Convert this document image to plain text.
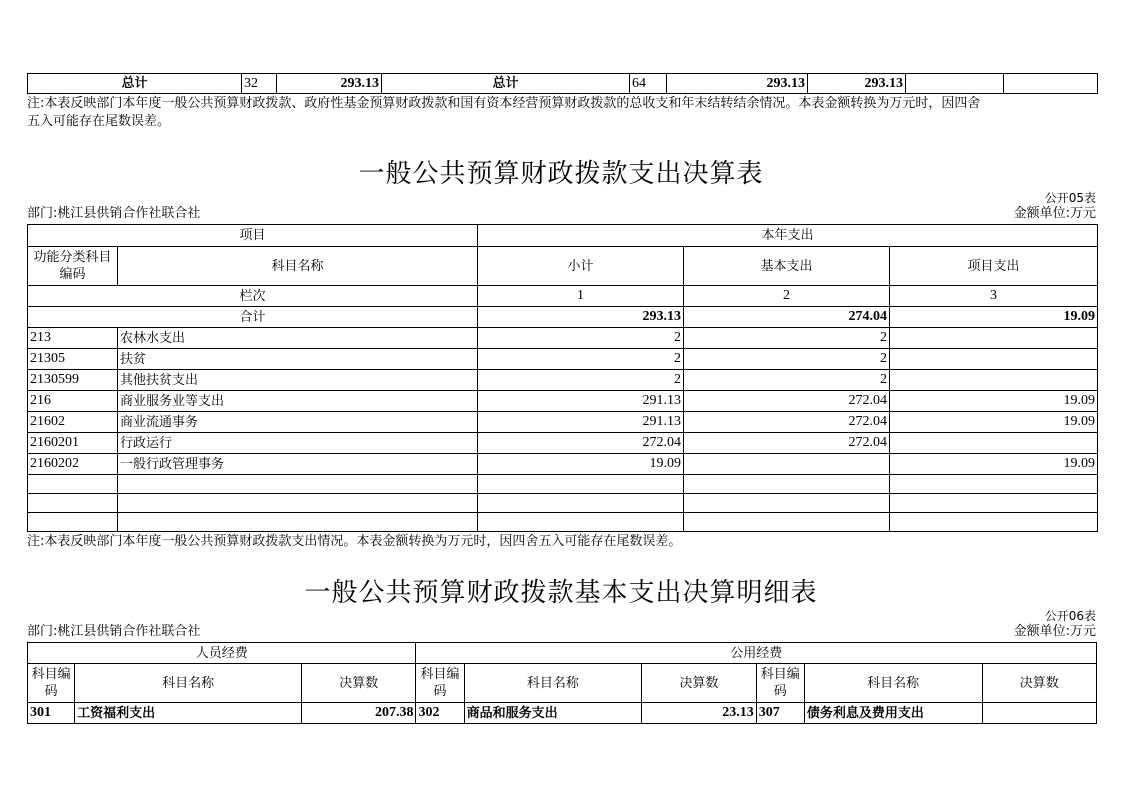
总计	32	293.13	总计	64	293.13	293.13		
注:本表反映部门本年度一般公共预算财政拨款、政府性基金预算财政拨款和国有资本经营预算财政拨款的总收支和年末结转结余情况。本表金额转换为万元时，因四舍
五入可能存在尾数误差。
一般公共预算财政拨款支出决算表
公开05表
部门:桃江县供销合作社联合社	金额单位:万元
项目		本年支出		
功能分类科目编码	科目名称	小计	基本支出	项目支出
栏次		1	2	3
合计		293.13	274.04	19.09
213	农林水支出	2	2	
21305	扶贫	2	2	
2130599	其他扶贫支出	2	2	
216	商业服务业等支出	291.13	272.04	19.09
21602	商业流通事务	291.13	272.04	19.09
2160201	行政运行	272.04	272.04	
2160202	一般行政管理事务	19.09		19.09

注:本表反映部门本年度一般公共预算财政拨款支出情况。本表金额转换为万元时，因四舍五入可能存在尾数误差。
一般公共预算财政拨款基本支出决算明细表
公开06表
部门:桃江县供销合作社联合社	金额单位:万元
人员经费			公用经费					
科目编码	科目名称	决算数	科目编码	科目名称	决算数	科目编码	科目名称	决算数
301	工资福利支出	207.38	302	商品和服务支出	23.13	307	债务利息及费用支出	
